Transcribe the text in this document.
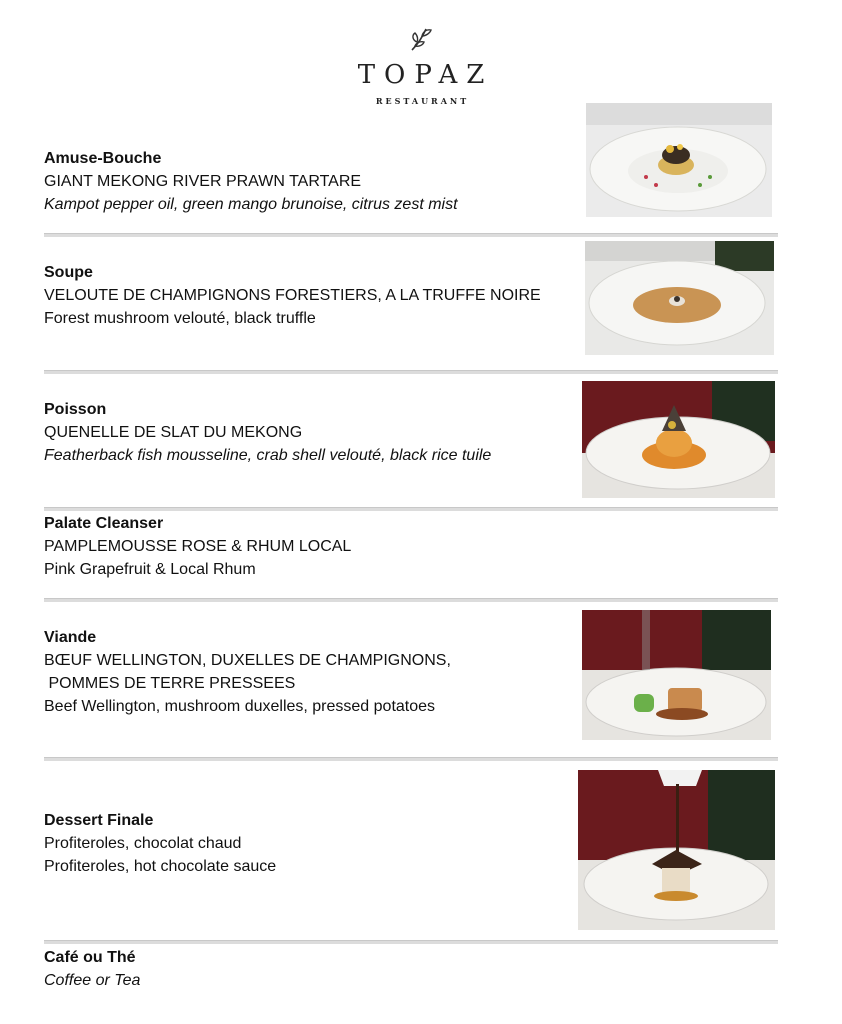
TOPAZ
RESTAURANT
Amuse-Bouche
GIANT MEKONG RIVER PRAWN TARTARE
Kampot pepper oil, green mango brunoise, citrus zest mist
Soupe
VELOUTE DE CHAMPIGNONS FORESTIERS, A LA TRUFFE NOIRE
Forest mushroom velouté, black truffle
Poisson
QUENELLE DE SLAT DU MEKONG
Featherback fish mousseline, crab shell velouté, black rice tuile
Palate Cleanser
PAMPLEMOUSSE ROSE & RHUM LOCAL
Pink Grapefruit & Local Rhum
Viande
BŒUF WELLINGTON, DUXELLES DE CHAMPIGNONS,
POMMES DE TERRE PRESSEES
Beef Wellington, mushroom duxelles, pressed potatoes
Dessert Finale
Profiteroles, chocolat chaud
Profiteroles, hot chocolate sauce
Café ou Thé
Coffee or Tea
